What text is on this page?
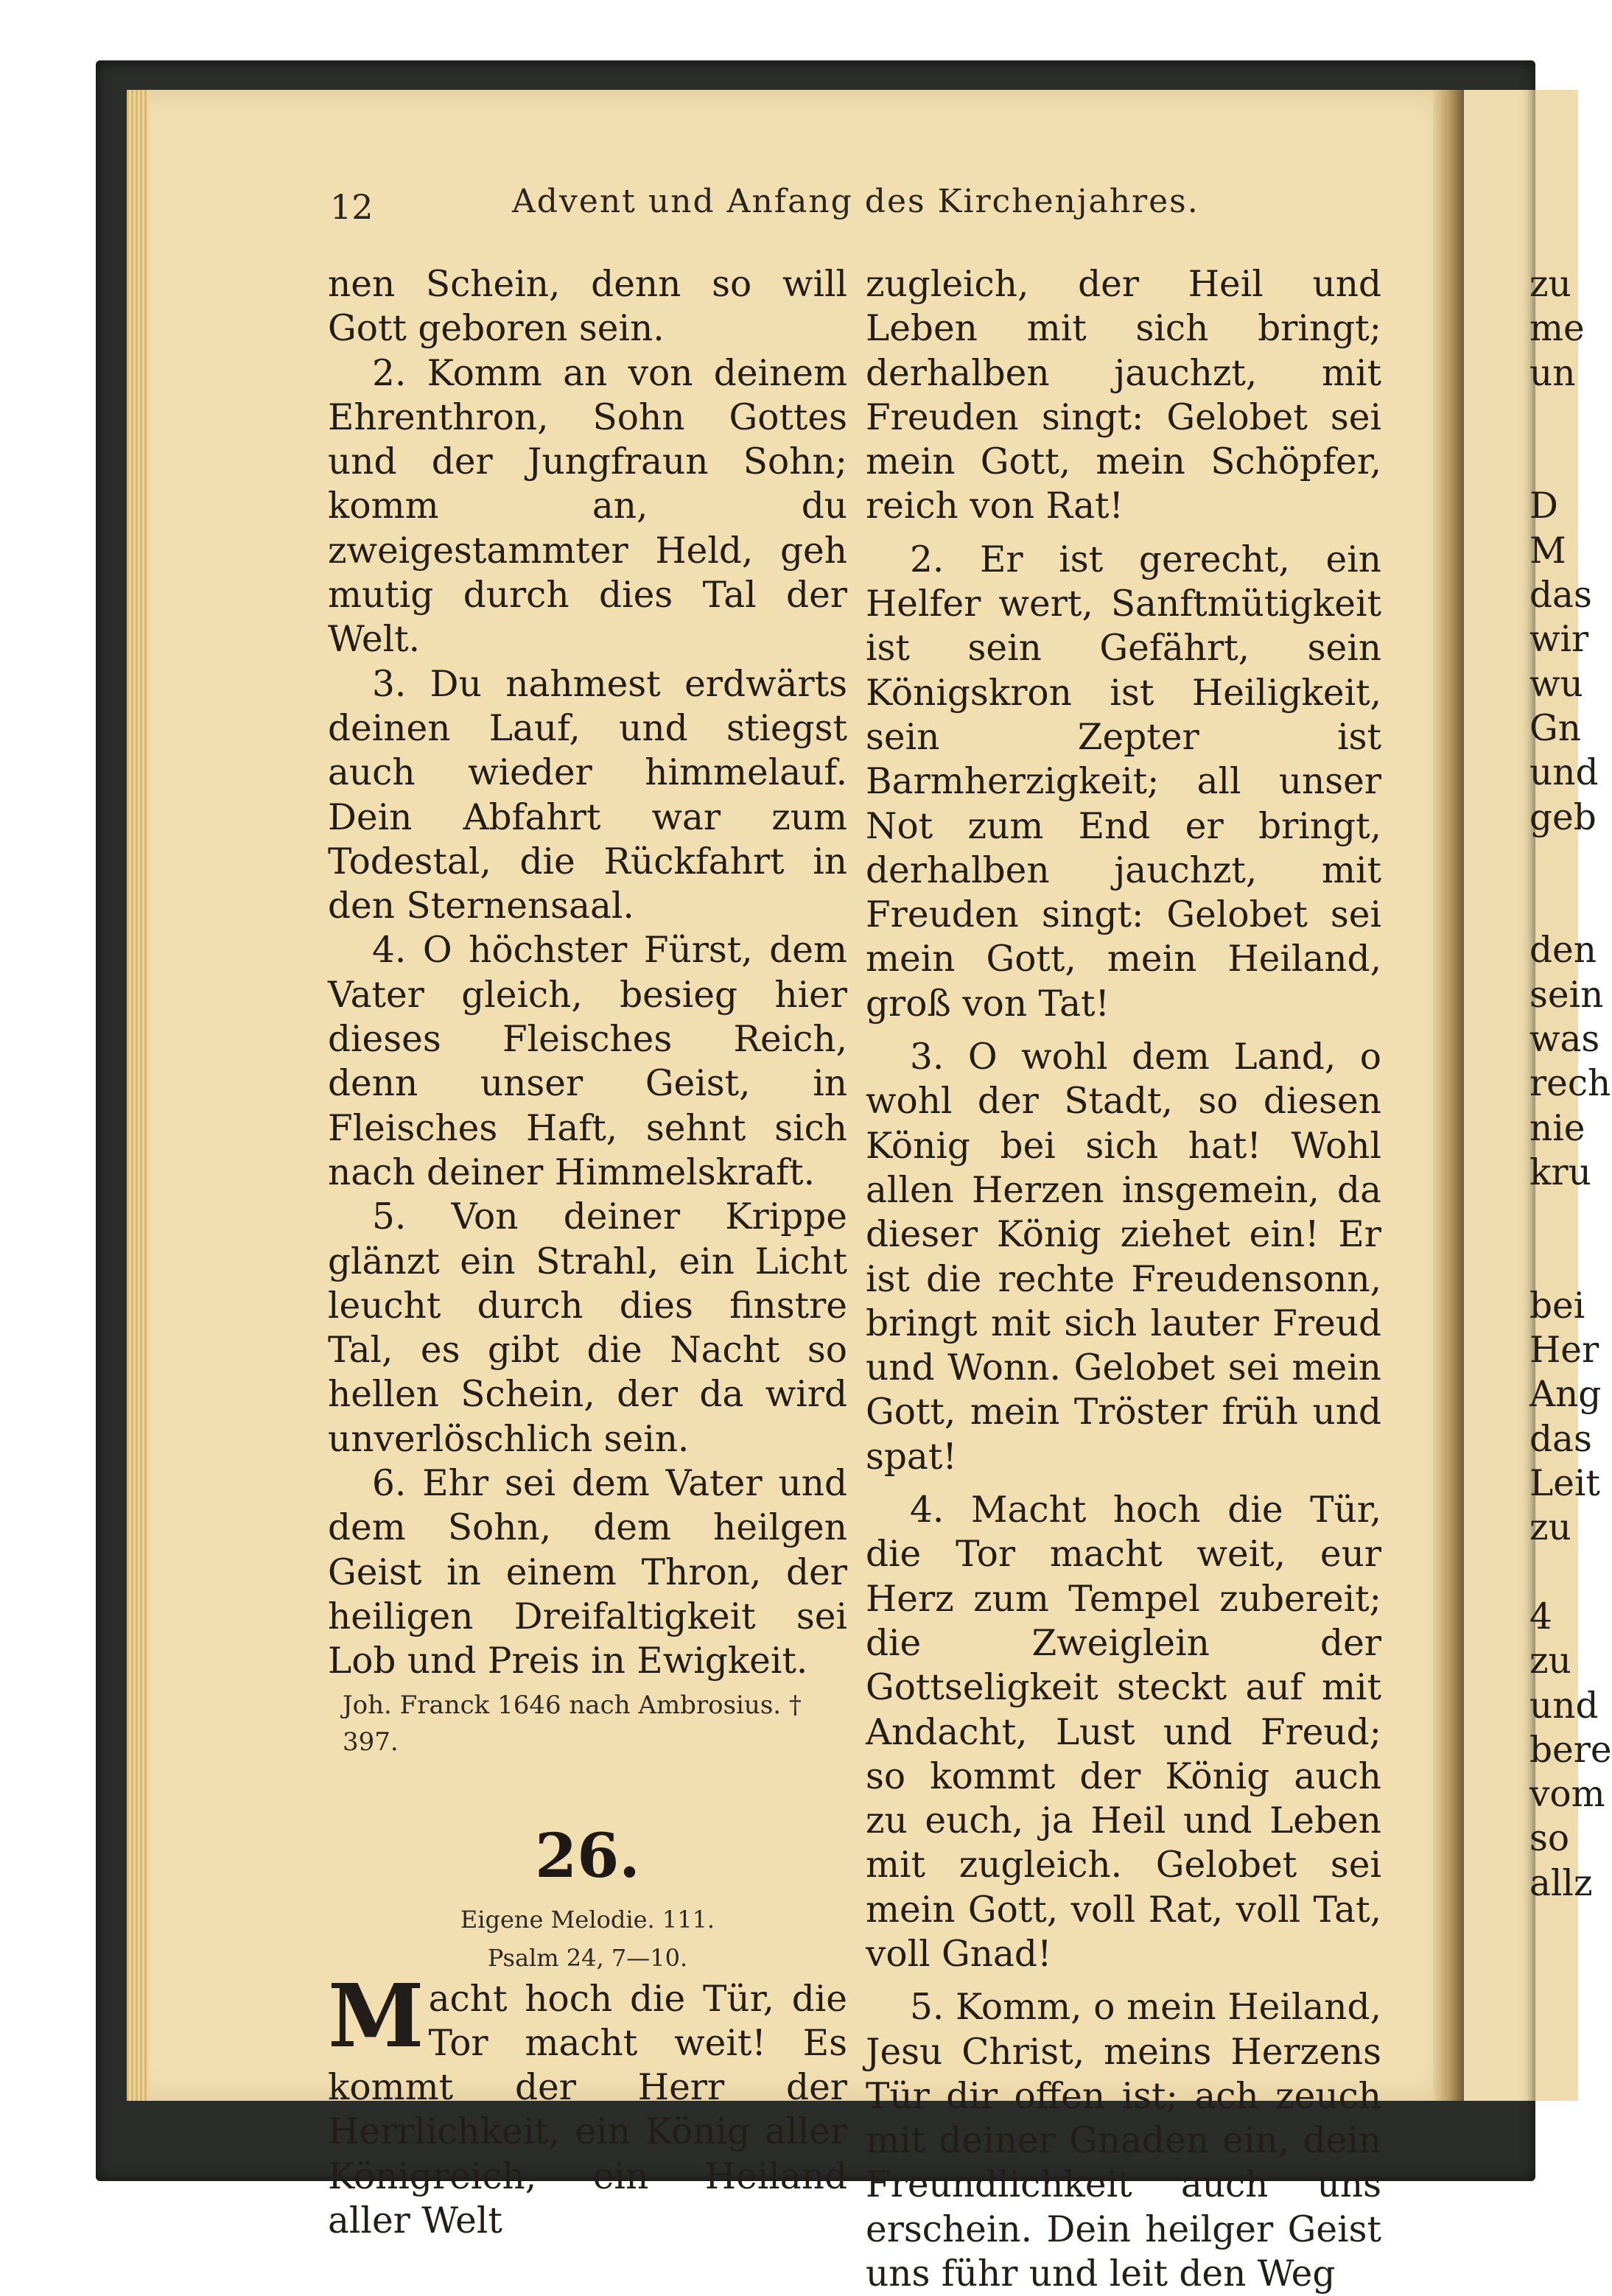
12	Advent und Anfang des Kirchenjahres.

nen Schein, denn so will Gott geboren sein.

2. Komm an von deinem Ehrenthron, Sohn Gottes und der Jungfraun Sohn; komm an, du zweigestammter Held, geh mutig durch dies Tal der Welt.

3. Du nahmest erdwärts deinen Lauf, und stiegst auch wieder himmelauf. Dein Abfahrt war zum Todestal, die Rückfahrt in den Sternensaal.

4. O höchster Fürst, dem Vater gleich, besieg hier dieses Fleisches Reich, denn unser Geist, in Fleisches Haft, sehnt sich nach deiner Himmelskraft.

5. Von deiner Krippe glänzt ein Strahl, ein Licht leucht durch dies finstre Tal, es gibt die Nacht so hellen Schein, der da wird unverlöschlich sein.

6. Ehr sei dem Vater und dem Sohn, dem heilgen Geist in einem Thron, der heiligen Dreifaltigkeit sei Lob und Preis in Ewigkeit.

Joh. Franck 1646 nach Ambrosius. † 397.
26.
Eigene Melodie. 111.
Psalm 24, 7—10.
M acht hoch die Tür, die Tor macht weit! Es kommt der Herr der Herrlichkeit, ein König aller Königreich, ein Heiland aller Welt

zugleich, der Heil und Leben mit sich bringt; derhalben jauchzt, mit Freuden singt: Gelobet sei mein Gott, mein Schöpfer, reich von Rat!

2. Er ist gerecht, ein Helfer wert, Sanftmütigkeit ist sein Gefährt, sein Königskron ist Heiligkeit, sein Zepter ist Barmherzigkeit; all unser Not zum End er bringt, derhalben jauchzt, mit Freuden singt: Gelobet sei mein Gott, mein Heiland, groß von Tat!

3. O wohl dem Land, o wohl der Stadt, so diesen König bei sich hat! Wohl allen Herzen insgemein, da dieser König ziehet ein! Er ist die rechte Freudensonn, bringt mit sich lauter Freud und Wonn. Gelobet sei mein Gott, mein Tröster früh und spat!

4. Macht hoch die Tür, die Tor macht weit, eur Herz zum Tempel zubereit; die Zweiglein der Gottseligkeit steckt auf mit Andacht, Lust und Freud; so kommt der König auch zu euch, ja Heil und Leben mit zugleich. Gelobet sei mein Gott, voll Rat, voll Tat, voll Gnad!

5. Komm, o mein Heiland, Jesu Christ, meins Herzens Tür dir offen ist; ach zeuch mit deiner Gnaden ein, dein Freundlichkeit auch uns erschein. Dein heilger Geist uns führ und leit den Weg

zu

me

un

D

M

das

wir

wu

Gn

und

geb

den

sein

was

rech

nie

kru

bei

Her

Ang

das

Leit

zu

4

zu

und

bere

vom

so

allz
